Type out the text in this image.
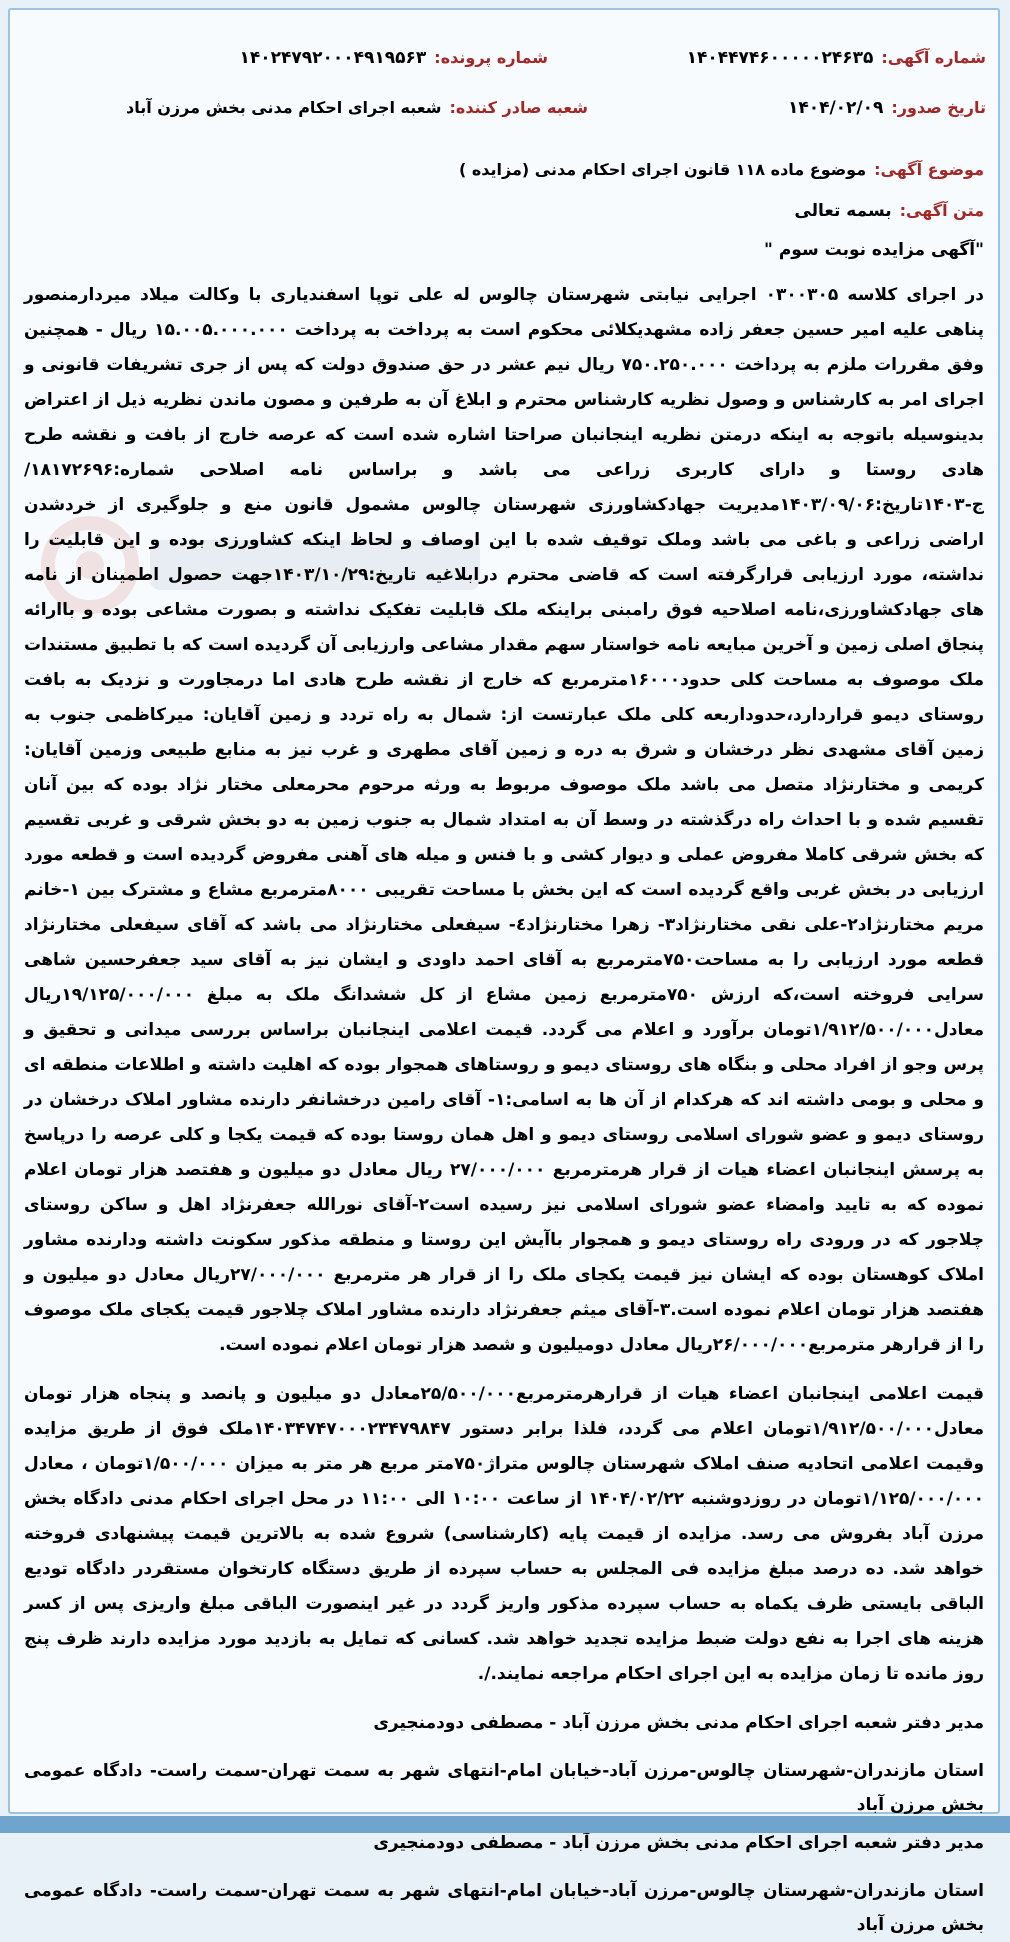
شماره آگهی:
۱۴۰۴۴۷۴۶۰۰۰۰۰۲۴۶۳۵
شماره پرونده:
۱۴۰۲۴۷۹۲۰۰۰۴۹۱۹۵۶۳
تاریخ صدور:
۱۴۰۴/۰۲/۰۹
شعبه صادر کننده:
شعبه اجرای احکام مدنی بخش مرزن آباد
موضوع آگهی:
موضوع ماده ۱۱۸ قانون اجرای احکام مدنی (مزایده )
متن آگهی:
بسمه تعالی

"آگهی مزایده نوبت سوم "

در اجرای کلاسه ۰۳۰۰۳۰۵ اجرایی نیابتی شهرستان چالوس له علی توپا اسفندیاری با وکالت میلاد میردارمنصور پناهی علیه امیر حسین جعفر زاده مشهدیکلائی محکوم است به پرداخت به پرداخت ۱۵.۰۰۵.۰۰۰.۰۰۰ ریال - همچنین وفق مقررات ملزم به پرداخت ۷۵۰.۲۵۰.۰۰۰ ریال نیم عشر در حق صندوق دولت که پس از جری تشریفات قانونی و اجرای امر به کارشناس و وصول نظریه کارشناس محترم و ابلاغ آن به طرفین و مصون ماندن نظریه ذیل از اعتراض بدینوسیله باتوجه به اینکه درمتن نظریه اینجانبان صراحتا اشاره شده است که عرصه خارج از بافت و نقشه طرح هادی روستا و دارای کاربری زراعی می باشد و براساس نامه اصلاحی شماره:۱۸۱۷۲۶۹۶/ج-۱۴۰۳تاریخ:۱۴۰۳/۰۹/۰۶مدیریت جهادکشاورزی شهرستان چالوس مشمول قانون منع و جلوگیری از خردشدن اراضی زراعی و باغی می باشد وملک توقیف شده با این اوصاف و لحاظ اینکه کشاورزی بوده و این قابلیت را نداشته، مورد ارزیابی قرارگرفته است که قاضی محترم درابلاغیه تاریخ:۱۴۰۳/۱۰/۲۹جهت حصول اطمینان از نامه های جهادکشاورزی،نامه اصلاحیه فوق رامبنی براینکه ملک قابلیت تفکیک نداشته و بصورت مشاعی بوده و باارائه پنجاق اصلی زمین و آخرین مبایعه نامه خواستار سهم مقدار مشاعی وارزیابی آن گردیده است که با تطبیق مستندات ملک موصوف به مساحت کلی حدود۱۶۰۰۰مترمربع که خارج از نقشه طرح هادی اما درمجاورت و نزدیک به بافت روستای دیمو قراردارد،حدوداربعه کلی ملک عبارتست از: شمال به راه تردد و زمین آقایان: میرکاظمی جنوب به زمین آقای مشهدی نظر درخشان و شرق به دره و زمین آقای مطهری و غرب نیز به منابع طبیعی وزمین آقایان: کریمی و مختارنژاد متصل می باشد ملک موصوف مربوط به ورثه مرحوم محرمعلی مختار نژاد بوده که بین آنان تقسیم شده و با احداث راه درگذشته در وسط آن به امتداد شمال به جنوب زمین به دو بخش شرقی و غربی تقسیم که بخش شرقی کاملا مفروض عملی و دیوار کشی و با فنس و میله های آهنی مفروض گردیده است و قطعه مورد ارزیابی در بخش غربی واقع گردیده است که این بخش با مساحت تقریبی ۸۰۰۰مترمربع مشاع و مشترک بین ۱-خانم مریم مختارنژاد۲-علی نقی مختارنژاد۳- زهرا مختارنژاد٤- سیفعلی مختارنژاد می باشد که آقای سیفعلی مختارنژاد قطعه مورد ارزیابی را به مساحت۷۵۰مترمربع به آقای احمد داودی و ایشان نیز به آقای سید جعفرحسین شاهی سرایی فروخته است،که ارزش ۷۵۰مترمربع زمین مشاع از کل ششدانگ ملک به مبلغ ۱۹/۱۲۵/۰۰۰/۰۰۰ریال معادل۱/۹۱۲/۵۰۰/۰۰۰تومان برآورد و اعلام می گردد. قیمت اعلامی اینجانبان براساس بررسی میدانی و تحقیق و پرس وجو از افراد محلی و بنگاه های روستای دیمو و روستاهای همجوار بوده که اهلیت داشته و اطلاعات منطقه ای و محلی و بومی داشته اند که هرکدام از آن ها به اسامی:۱- آقای رامین درخشانفر دارنده مشاور املاک درخشان در روستای دیمو و عضو شورای اسلامی روستای دیمو و اهل همان روستا بوده که قیمت یکجا و کلی عرصه را درپاسخ به پرسش اینجانبان اعضاء هیات از قرار هرمترمربع ۲۷/۰۰۰/۰۰۰ ریال معادل دو میلیون و هفتصد هزار تومان اعلام نموده که به تایید وامضاء عضو شورای اسلامی نیز رسیده است۲-آقای نورالله جعفرنژاد اهل و ساکن روستای چلاجور که در ورودی راه روستای دیمو و همجوار باآیش این روستا و منطقه مذکور سکونت داشته ودارنده مشاور املاک کوهستان بوده که ایشان نیز قیمت یکجای ملک را از قرار هر مترمربع ۲۷/۰۰۰/۰۰۰ریال معادل دو میلیون و هفتصد هزار تومان اعلام نموده است.۳-آقای میثم جعفرنژاد دارنده مشاور املاک چلاجور قیمت یکجای ملک موصوف را از قرارهر مترمربع۲۶/۰۰۰/۰۰۰ریال معادل دومیلیون و شصد هزار تومان اعلام نموده است.

قیمت اعلامی اینجانبان اعضاء هیات از قرارهرمترمربع۲۵/۵۰۰/۰۰۰معادل دو میلیون و پانصد و پنجاه هزار تومان معادل۱/۹۱۲/۵۰۰/۰۰۰تومان اعلام می گردد، فلذا برابر دستور ۱۴۰۳۴۷۴۷۰۰۰۲۳۴۷۹۸۴۷ملک فوق از طریق مزایده وقیمت اعلامی اتحادیه صنف املاک شهرستان چالوس متراژ۷۵۰متر مربع هر متر به میزان ۱/۵۰۰/۰۰۰تومان ، معادل ۱/۱۲۵/۰۰۰/۰۰۰تومان در روزدوشنبه ۱۴۰۴/۰۲/۲۲ از ساعت ۱۰:۰۰ الی ۱۱:۰۰ در محل اجرای احکام مدنی دادگاه بخش مرزن آباد بفروش می رسد. مزایده از قیمت پایه (کارشناسی) شروع شده به بالاترین قیمت پیشنهادی فروخته خواهد شد. ده درصد مبلغ مزایده فی المجلس به حساب سپرده از طریق دستگاه کارتخوان مستقردر دادگاه تودیع الباقی بایستی ظرف یکماه به حساب سپرده مذکور واریز گردد در غیر اینصورت الباقی مبلغ واریزی پس از کسر هزینه های اجرا به نفع دولت ضبط مزایده تجدید خواهد شد. کسانی که تمایل به بازدید مورد مزایده دارند ظرف پنج روز مانده تا زمان مزایده به این اجرای احکام مراجعه نمایند./.

مدیر دفتر شعبه اجرای احکام مدنی بخش مرزن آباد - مصطفی دودمنجیری

استان مازندران-شهرستان چالوس-مرزن آباد-خیابان امام-انتهای شهر به سمت تهران-سمت راست- دادگاه عمومی بخش مرزن آباد

مدیر دفتر شعبه اجرای احکام مدنی بخش مرزن آباد - مصطفی دودمنجیری

استان مازندران-شهرستان چالوس-مرزن آباد-خیابان امام-انتهای شهر به سمت تهران-سمت راست- دادگاه عمومی بخش مرزن آباد
